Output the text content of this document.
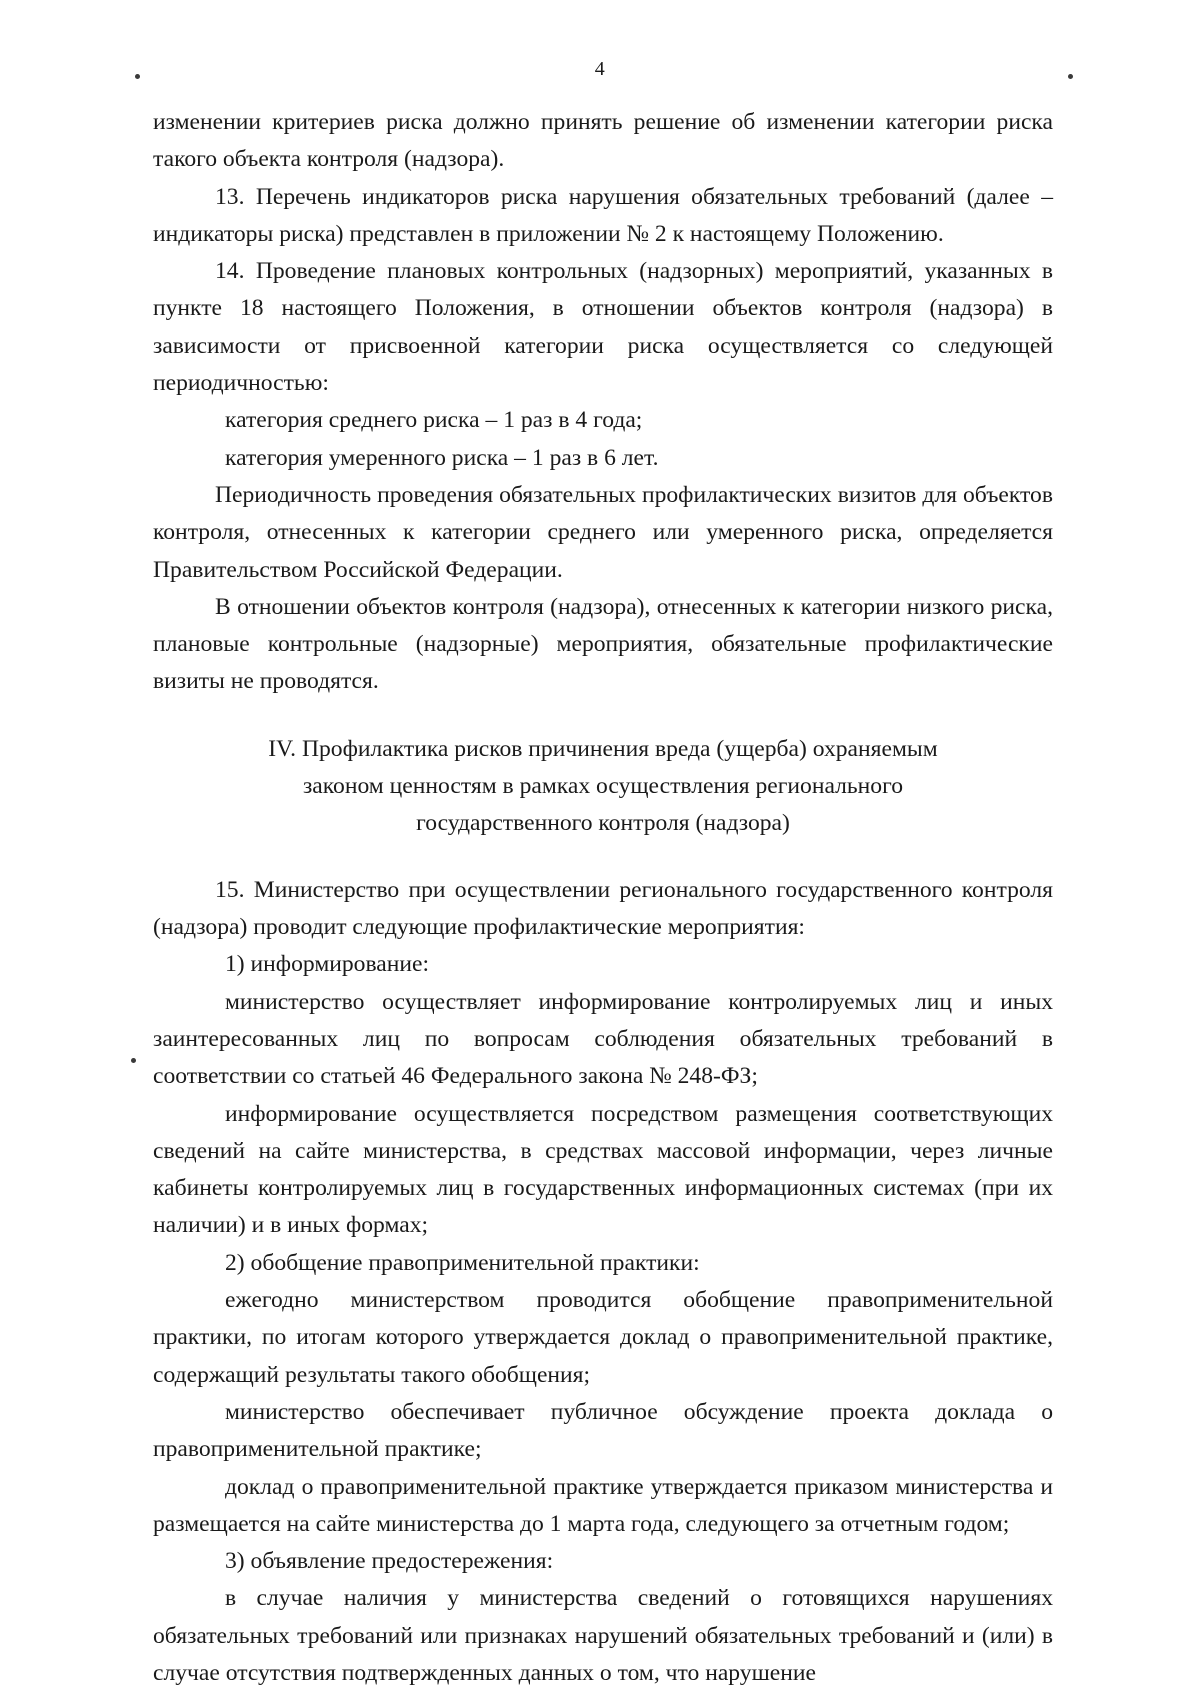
4

изменении критериев риска должно принять решение об изменении категории риска такого объекта контроля (надзора).

13. Перечень индикаторов риска нарушения обязательных требований (далее – индикаторы риска) представлен в приложении № 2 к настоящему Положению.

14. Проведение плановых контрольных (надзорных) мероприятий, указанных в пункте 18 настоящего Положения, в отношении объектов контроля (надзора) в зависимости от присвоенной категории риска осуществляется со следующей периодичностью:

категория среднего риска – 1 раз в 4 года;

категория умеренного риска – 1 раз в 6 лет.

Периодичность проведения обязательных профилактических визитов для объектов контроля, отнесенных к категории среднего или умеренного риска, определяется Правительством Российской Федерации.

В отношении объектов контроля (надзора), отнесенных к категории низкого риска, плановые контрольные (надзорные) мероприятия, обязательные профилактические визиты не проводятся.

IV. Профилактика рисков причинения вреда (ущерба) охраняемым

законом ценностям в рамках осуществления регионального

государственного контроля (надзора)

15. Министерство при осуществлении регионального государственного контроля (надзора) проводит следующие профилактические мероприятия:

1) информирование:

министерство осуществляет информирование контролируемых лиц и иных заинтересованных лиц по вопросам соблюдения обязательных требований в соответствии со статьей 46 Федерального закона № 248-ФЗ;

информирование осуществляется посредством размещения соответствующих сведений на сайте министерства, в средствах массовой информации, через личные кабинеты контролируемых лиц в государственных информационных системах (при их наличии) и в иных формах;

2) обобщение правоприменительной практики:

ежегодно министерством проводится обобщение правоприменительной практики, по итогам которого утверждается доклад о правоприменительной практике, содержащий результаты такого обобщения;

министерство обеспечивает публичное обсуждение проекта доклада о правоприменительной практике;

доклад о правоприменительной практике утверждается приказом министерства и размещается на сайте министерства до 1 марта года, следующего за отчетным годом;

3) объявление предостережения:

в случае наличия у министерства сведений о готовящихся нарушениях обязательных требований или признаках нарушений обязательных требований и (или) в случае отсутствия подтвержденных данных о том, что нарушение
